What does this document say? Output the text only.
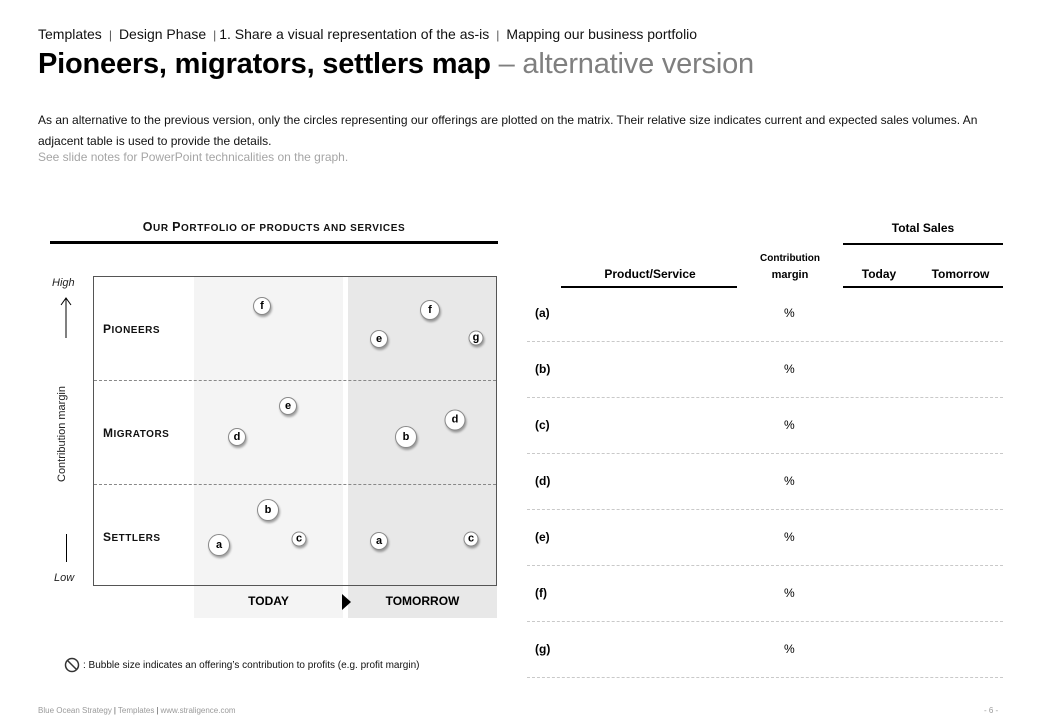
Templates | Design Phase | 1. Share a visual representation of the as-is | Mapping our business portfolio
Pioneers, migrators, settlers map – alternative version
As an alternative to the previous version, only the circles representing our offerings are plotted on the matrix. Their relative size indicates current and expected sales volumes. An adjacent table is used to provide the details.
See slide notes for PowerPoint technicalities on the graph.
OUR PORTFOLIO OF PRODUCTS AND SERVICES
PIONEERS
MIGRATORS
SETTLERS
TODAY	TOMORROW
High
Contribution margin
Low
f
e
d
b
a
c
f
e	g
d
b
a	c
: Bubble size indicates an offering’s contribution to profits (e.g. profit margin)
Total Sales
Product/Service
Contribution
margin	Today	Tomorrow
(a)	%
(b)	%
(c)	%
(d)	%
(e)	%
(f)	%
(g)	%
Blue Ocean Strategy | Templates | www.straligence.com	- 6 -
